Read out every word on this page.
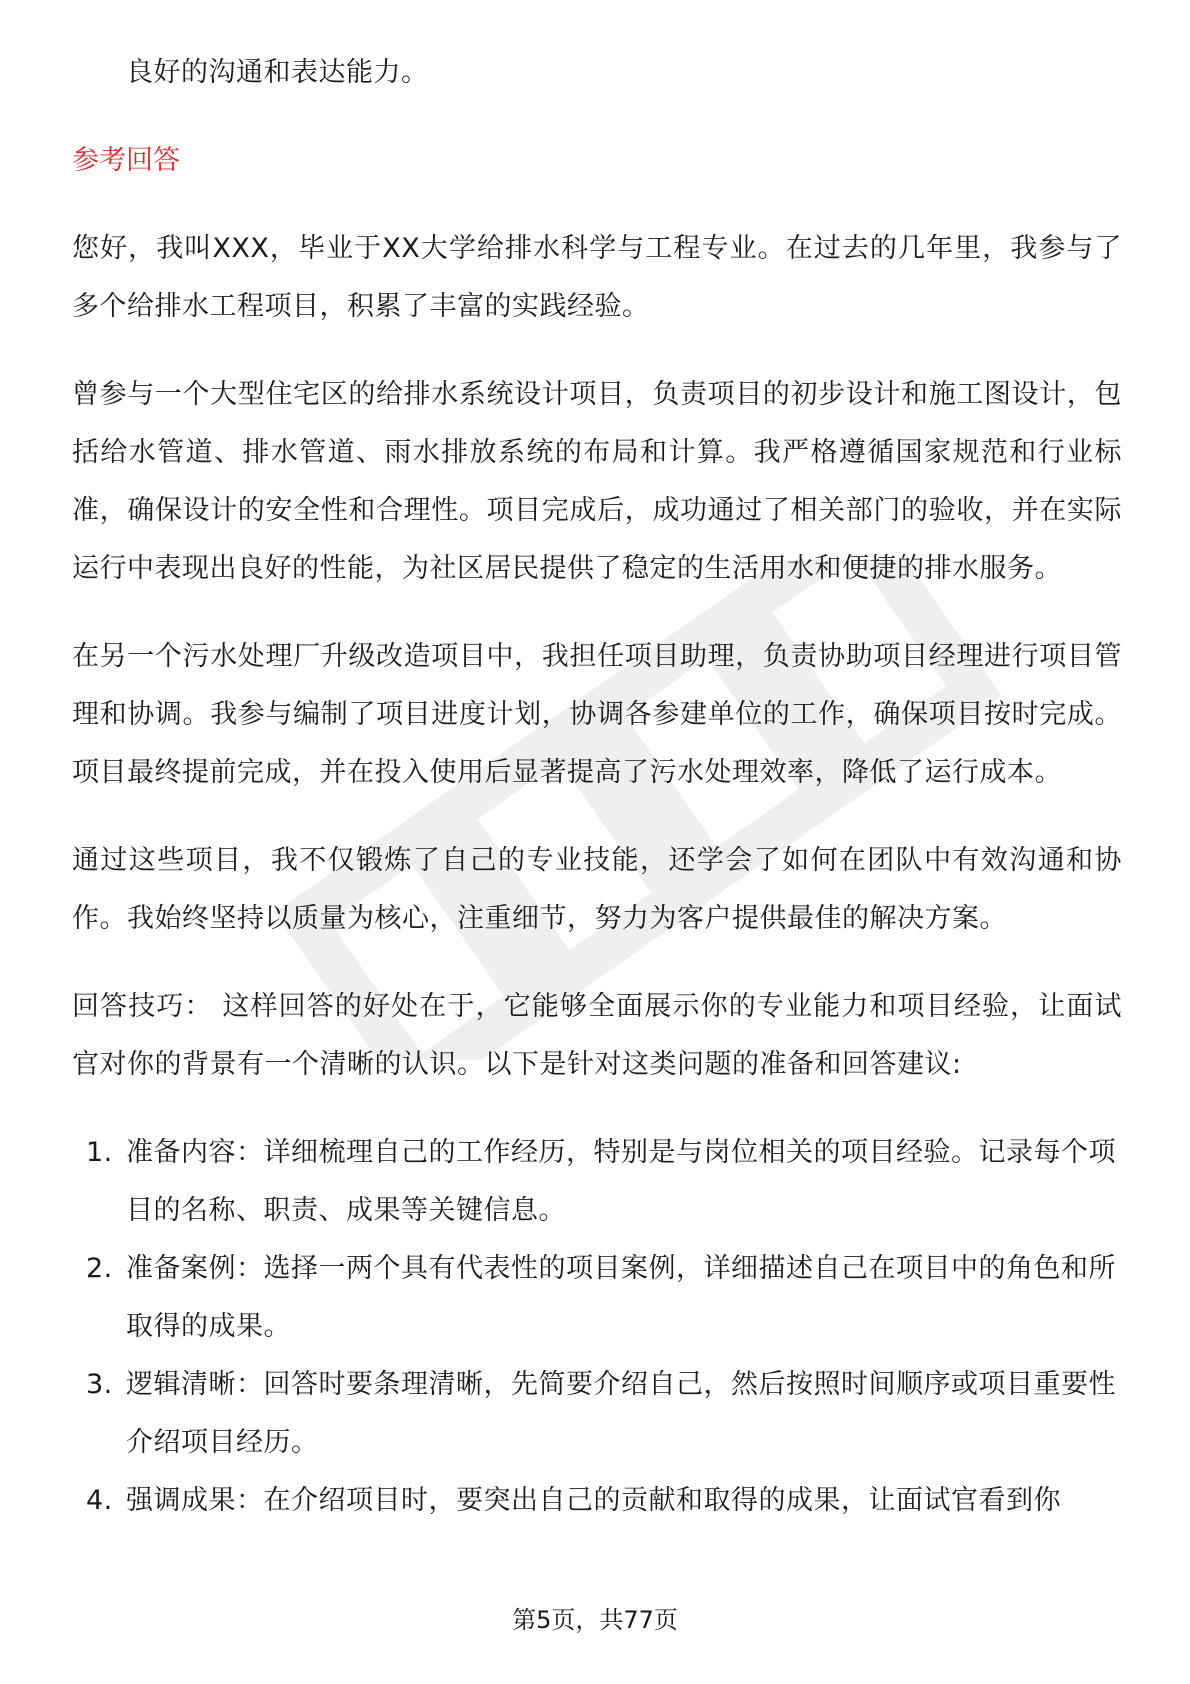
良好的沟通和表达能力。

参考回答

您好，我叫XXX，毕业于XX大学给排水科学与工程专业。在过去的几年里，我参与了多个给排水工程项目，积累了丰富的实践经验。

曾参与一个大型住宅区的给排水系统设计项目，负责项目的初步设计和施工图设计，包括给水管道、排水管道、雨水排放系统的布局和计算。我严格遵循国家规范和行业标准，确保设计的安全性和合理性。项目完成后，成功通过了相关部门的验收，并在实际运行中表现出良好的性能，为社区居民提供了稳定的生活用水和便捷的排水服务。

在另一个污水处理厂升级改造项目中，我担任项目助理，负责协助项目经理进行项目管理和协调。我参与编制了项目进度计划，协调各参建单位的工作，确保项目按时完成。项目最终提前完成，并在投入使用后显著提高了污水处理效率，降低了运行成本。

通过这些项目，我不仅锻炼了自己的专业技能，还学会了如何在团队中有效沟通和协作。我始终坚持以质量为核心，注重细节，努力为客户提供最佳的解决方案。

回答技巧： 这样回答的好处在于，它能够全面展示你的专业能力和项目经验，让面试官对你的背景有一个清晰的认识。以下是针对这类问题的准备和回答建议:

1. 准备内容：详细梳理自己的工作经历，特别是与岗位相关的项目经验。记录每个项目的名称、职责、成果等关键信息。
2. 准备案例：选择一两个具有代表性的项目案例，详细描述自己在项目中的角色和所取得的成果。
3. 逻辑清晰：回答时要条理清晰，先简要介绍自己，然后按照时间顺序或项目重要性介绍项目经历。
4. 强调成果：在介绍项目时，要突出自己的贡献和取得的成果，让面试官看到你
第5页，共77页
